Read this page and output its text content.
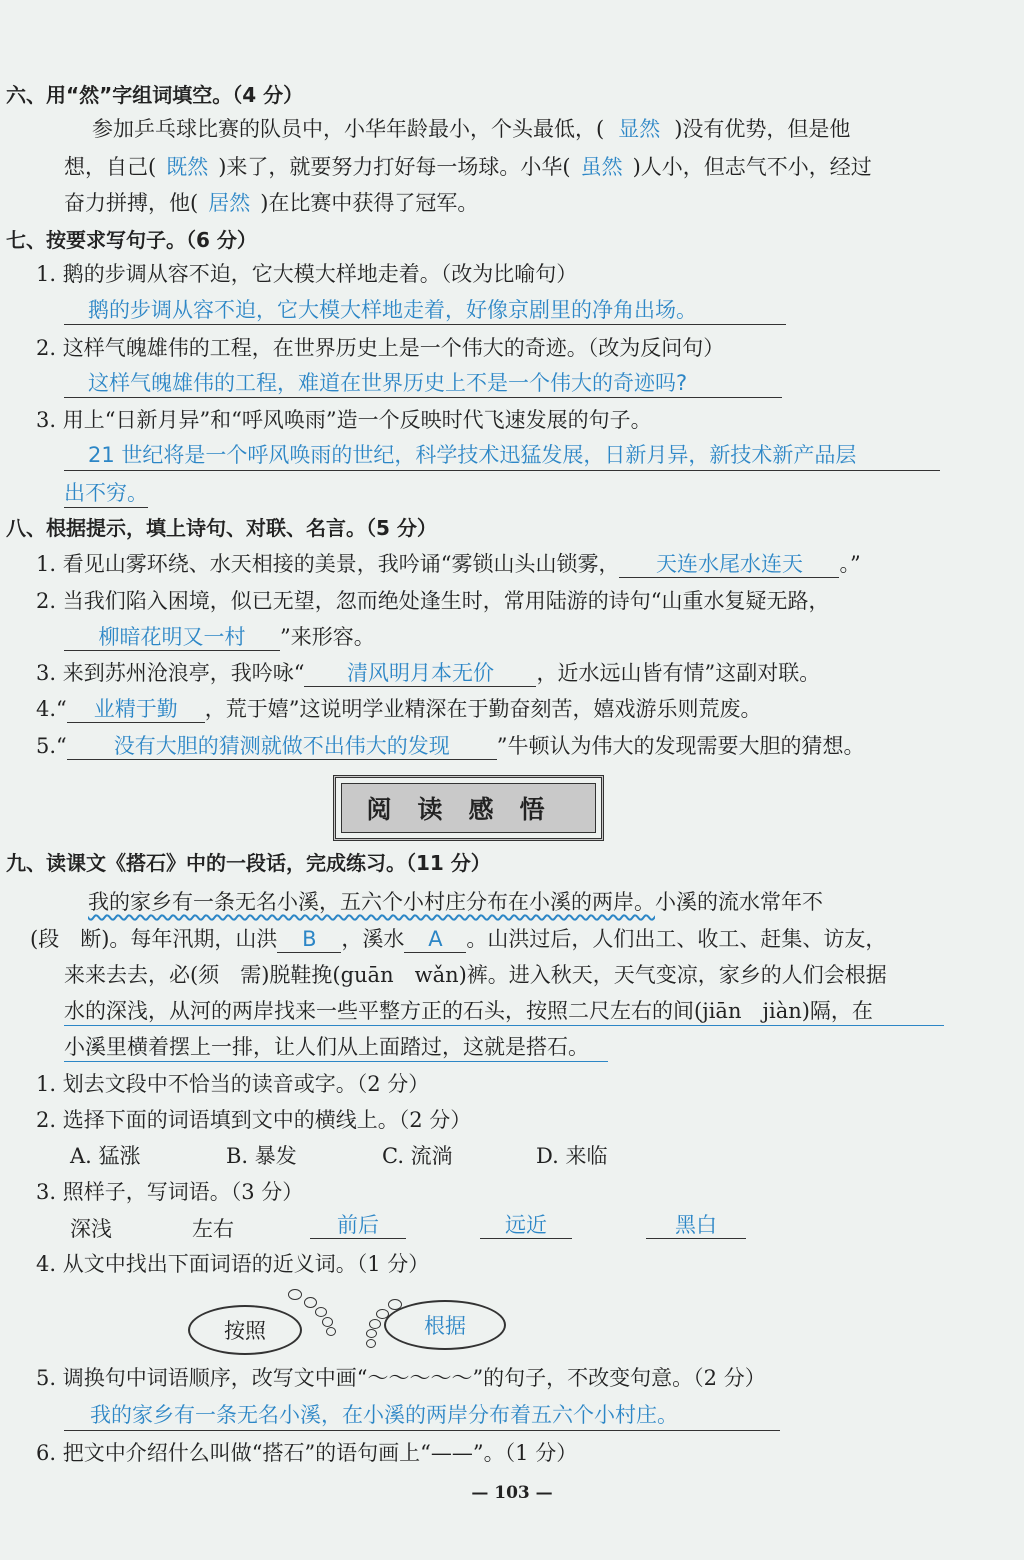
六、用“然”字组词填空。（4 分）
参加乒乓球比赛的队员中，小华年龄最小，个头最低，( 显然 )没有优势，但是他
想，自己( 既然 )来了，就要努力打好每一场球。小华( 虽然 )人小，但志气不小，经过
奋力拼搏，他( 居然 )在比赛中获得了冠军。
七、按要求写句子。（6 分）
1. 鹅的步调从容不迫，它大模大样地走着。（改为比喻句）
鹅的步调从容不迫，它大模大样地走着，好像京剧里的净角出场。
2. 这样气魄雄伟的工程，在世界历史上是一个伟大的奇迹。（改为反问句）
这样气魄雄伟的工程，难道在世界历史上不是一个伟大的奇迹吗?
3. 用上“日新月异”和“呼风唤雨”造一个反映时代飞速发展的句子。
21 世纪将是一个呼风唤雨的世纪，科学技术迅猛发展，日新月异，新技术新产品层
出不穷。
八、根据提示，填上诗句、对联、名言。（5 分）
1. 看见山雾环绕、水天相接的美景，我吟诵“雾锁山头山锁雾， 天连水尾水连天 。”
2. 当我们陷入困境，似已无望，忽而绝处逢生时，常用陆游的诗句“山重水复疑无路，
柳暗花明又一村 ”来形容。
3. 来到苏州沧浪亭，我吟咏“ 清风明月本无价 ，近水远山皆有情”这副对联。
4.“ 业精于勤 ，荒于嬉”这说明学业精深在于勤奋刻苦，嬉戏游乐则荒废。
5.“ 没有大胆的猜测就做不出伟大的发现 ”牛顿认为伟大的发现需要大胆的猜想。
阅读感悟
九、读课文《搭石》中的一段话，完成练习。（11 分）
我的家乡有一条无名小溪，五六个小村庄分布在小溪的两岸。小溪的流水常年不
(段　断)。每年汛期，山洪 B ，溪水 A 。山洪过后，人们出工、收工、赶集、访友，
来来去去，必(须　需)脱鞋挽(guān　wǎn)裤。进入秋天，天气变凉，家乡的人们会根据
水的深浅，从河的两岸找来一些平整方正的石头，按照二尺左右的间(jiān　jiàn)隔，在
小溪里横着摆上一排，让人们从上面踏过，这就是搭石。
1. 划去文段中不恰当的读音或字。（2 分）
2. 选择下面的词语填到文中的横线上。（2 分）
A. 猛涨	B. 暴发	C. 流淌	D. 来临
3. 照样子，写词语。（3 分）
深浅	左右	前后	远近	黑白
4. 从文中找出下面词语的近义词。（1 分）
按照	根据
5. 调换句中词语顺序，改写文中画“～～～～～”的句子，不改变句意。（2 分）
我的家乡有一条无名小溪，在小溪的两岸分布着五六个小村庄。
6. 把文中介绍什么叫做“搭石”的语句画上“——”。（1 分）
— 103 —
